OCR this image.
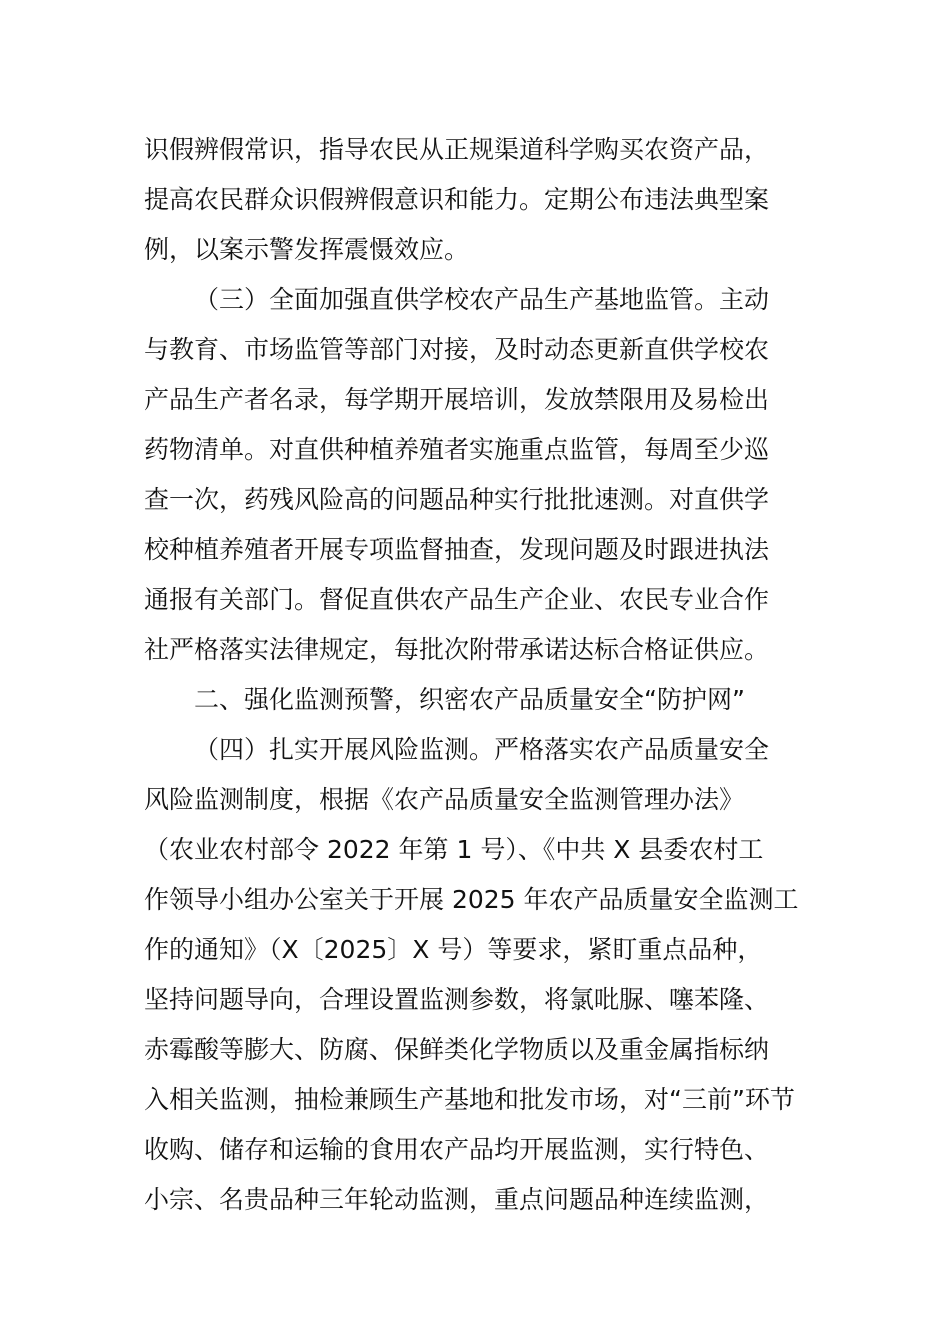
识假辨假常识，指导农民从正规渠道科学购买农资产品，
提高农民群众识假辨假意识和能力。定期公布违法典型案
例，以案示警发挥震慑效应。
（三）全面加强直供学校农产品生产基地监管。主动
与教育、市场监管等部门对接，及时动态更新直供学校农
产品生产者名录，每学期开展培训，发放禁限用及易检出
药物清单。对直供种植养殖者实施重点监管，每周至少巡
查一次，药残风险高的问题品种实行批批速测。对直供学
校种植养殖者开展专项监督抽查，发现问题及时跟进执法
通报有关部门。督促直供农产品生产企业、农民专业合作
社严格落实法律规定，每批次附带承诺达标合格证供应。
二、强化监测预警，织密农产品质量安全“防护网”
（四）扎实开展风险监测。严格落实农产品质量安全
风险监测制度，根据《农产品质量安全监测管理办法》
（农业农村部令 2022 年第 1 号）、《中共 X 县委农村工
作领导小组办公室关于开展 2025 年农产品质量安全监测工
作的通知》（X〔2025〕X 号）等要求，紧盯重点品种，
坚持问题导向，合理设置监测参数，将氯吡脲、噻苯隆、
赤霉酸等膨大、防腐、保鲜类化学物质以及重金属指标纳
入相关监测，抽检兼顾生产基地和批发市场，对“三前”环节
收购、储存和运输的食用农产品均开展监测，实行特色、
小宗、名贵品种三年轮动监测，重点问题品种连续监测，
